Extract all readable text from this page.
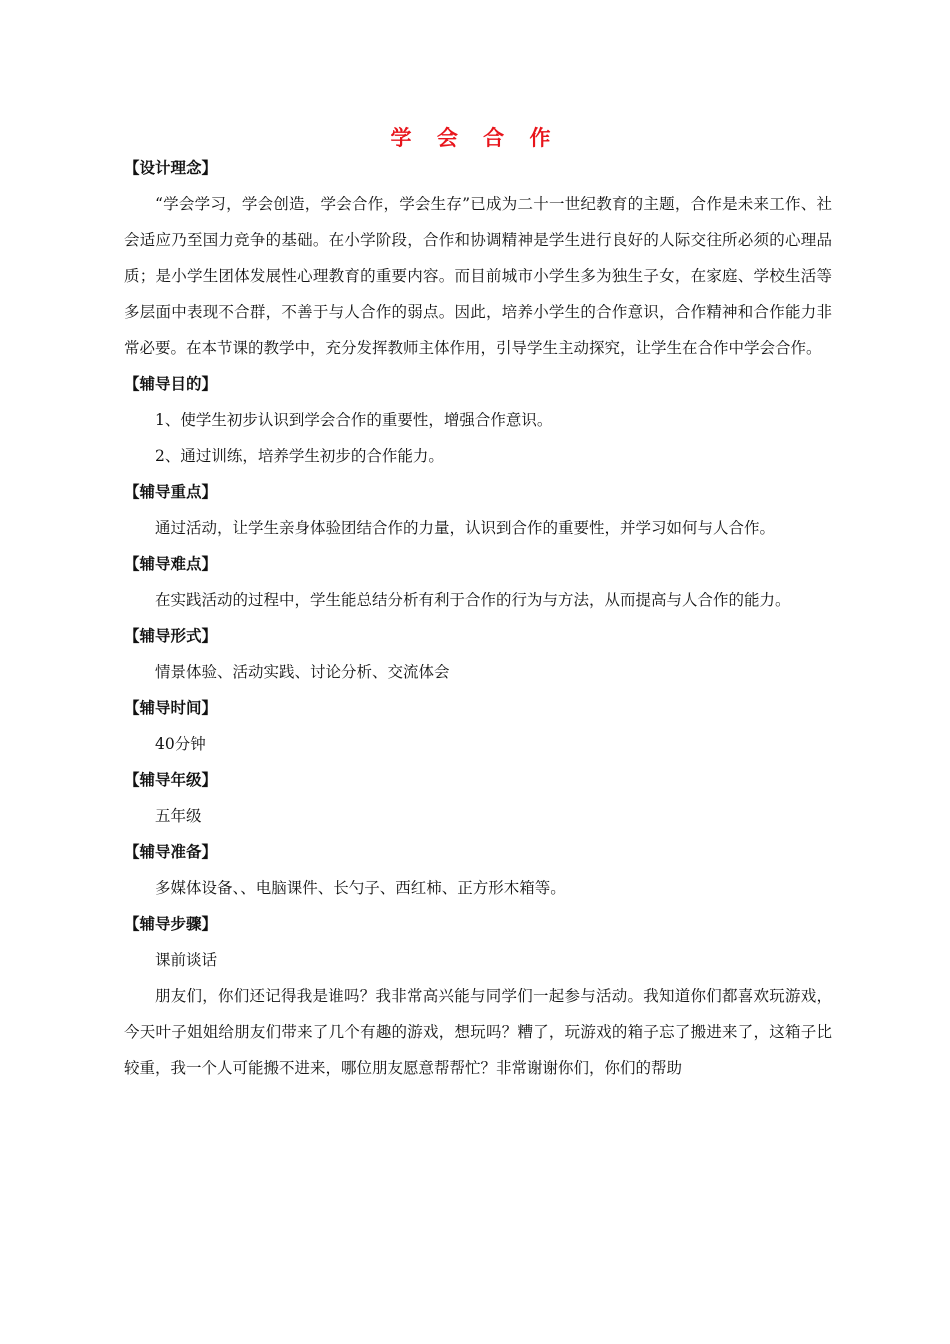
学 会 合 作
【设计理念】
“学会学习，学会创造，学会合作，学会生存”已成为二十一世纪教育的主题，合作是未来工作、社会适应乃至国力竞争的基础。在小学阶段，合作和协调精神是学生进行良好的人际交往所必须的心理品质；是小学生团体发展性心理教育的重要内容。而目前城市小学生多为独生子女，在家庭、学校生活等多层面中表现不合群，不善于与人合作的弱点。因此，培养小学生的合作意识，合作精神和合作能力非常必要。在本节课的教学中，充分发挥教师主体作用，引导学生主动探究，让学生在合作中学会合作。
【辅导目的】
1、使学生初步认识到学会合作的重要性，增强合作意识。
2、通过训练，培养学生初步的合作能力。
【辅导重点】
通过活动，让学生亲身体验团结合作的力量，认识到合作的重要性，并学习如何与人合作。
【辅导难点】
在实践活动的过程中，学生能总结分析有利于合作的行为与方法，从而提高与人合作的能力。
【辅导形式】
情景体验、活动实践、讨论分析、交流体会
【辅导时间】
40分钟
【辅导年级】
五年级
【辅导准备】
多媒体设备、、电脑课件、长勺子、西红柿、正方形木箱等。
【辅导步骤】
课前谈话
朋友们，你们还记得我是谁吗？我非常高兴能与同学们一起参与活动。我知道你们都喜欢玩游戏，今天叶子姐姐给朋友们带来了几个有趣的游戏，想玩吗？糟了，玩游戏的箱子忘了搬进来了，这箱子比较重，我一个人可能搬不进来，哪位朋友愿意帮帮忙？非常谢谢你们，你们的帮助
